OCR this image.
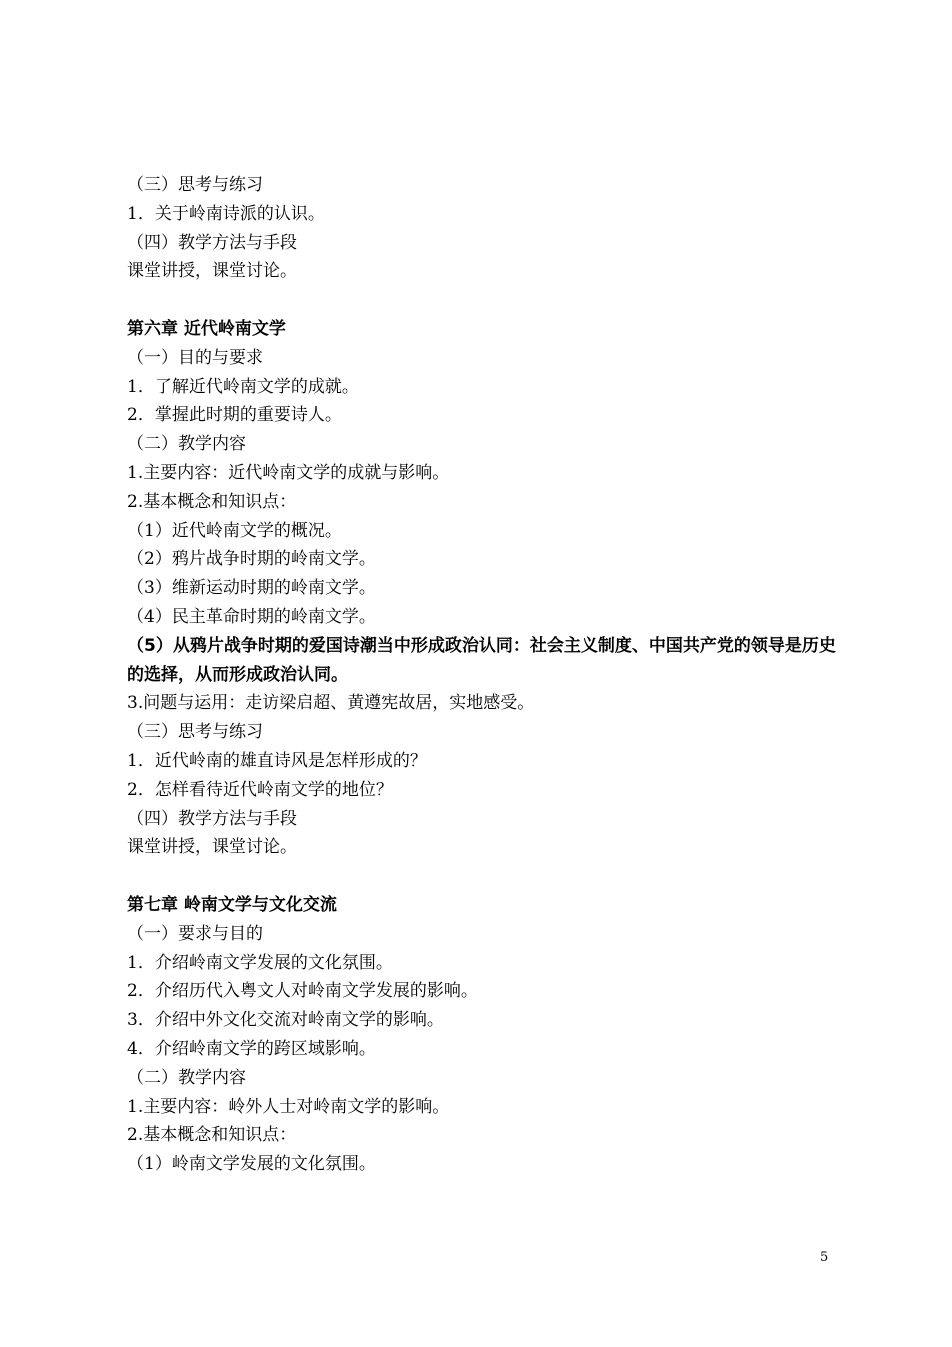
（三）思考与练习

1．关于岭南诗派的认识。

（四）教学方法与手段

课堂讲授，课堂讨论。

第六章 近代岭南文学

（一）目的与要求

1．了解近代岭南文学的成就。

2．掌握此时期的重要诗人。

（二）教学内容

1.主要内容：近代岭南文学的成就与影响。

2.基本概念和知识点：

（1）近代岭南文学的概况。

（2）鸦片战争时期的岭南文学。

（3）维新运动时期的岭南文学。

（4）民主革命时期的岭南文学。

（5）从鸦片战争时期的爱国诗潮当中形成政治认同：社会主义制度、中国共产党的领导是历史的选择，从而形成政治认同。

3.问题与运用：走访梁启超、黄遵宪故居，实地感受。

（三）思考与练习

1．近代岭南的雄直诗风是怎样形成的？

2．怎样看待近代岭南文学的地位？

（四）教学方法与手段

课堂讲授，课堂讨论。

第七章 岭南文学与文化交流

（一）要求与目的

1．介绍岭南文学发展的文化氛围。

2．介绍历代入粤文人对岭南文学发展的影响。

3．介绍中外文化交流对岭南文学的影响。

4．介绍岭南文学的跨区域影响。

（二）教学内容

1.主要内容：岭外人士对岭南文学的影响。

2.基本概念和知识点：

（1）岭南文学发展的文化氛围。

5
